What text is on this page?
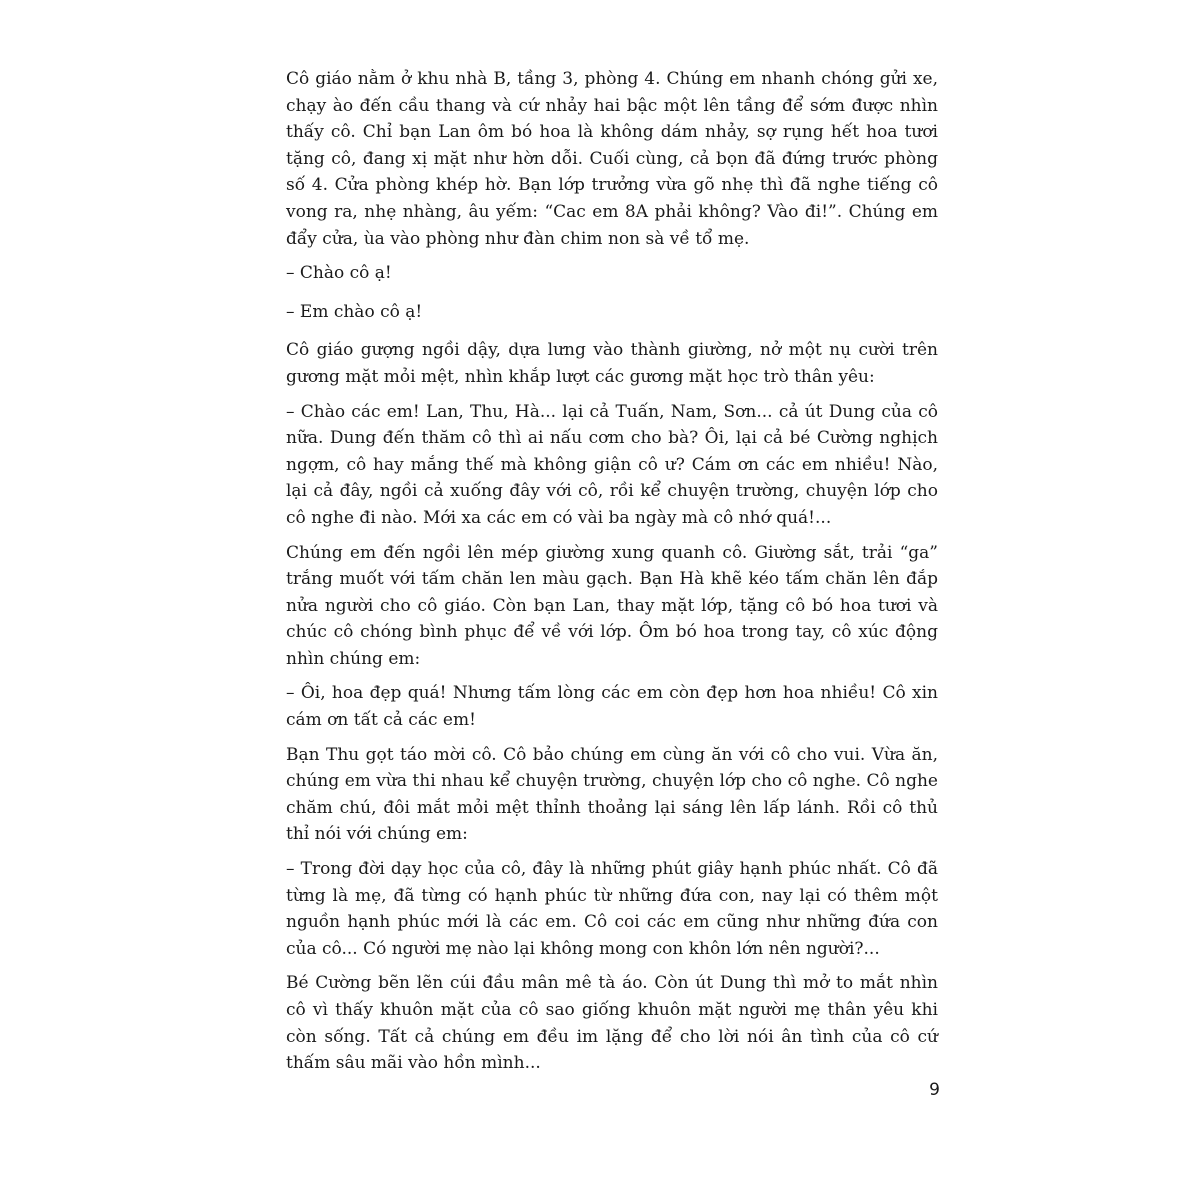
Cô giáo nằm ở khu nhà B, tầng 3, phòng 4. Chúng em nhanh chóng gửi xe, chạy ào đến cầu thang và cứ nhảy hai bậc một lên tầng để sớm được nhìn thấy cô. Chỉ bạn Lan ôm bó hoa là không dám nhảy, sợ rụng hết hoa tươi tặng cô, đang xị mặt như hờn dỗi. Cuối cùng, cả bọn đã đứng trước phòng số 4. Cửa phòng khép hờ. Bạn lớp trưởng vừa gõ nhẹ thì đã nghe tiếng cô vong ra, nhẹ nhàng, âu yếm: “Cac em 8A phải không? Vào đi!”. Chúng em đẩy cửa, ùa vào phòng như đàn chim non sà về tổ mẹ.

– Chào cô ạ!

– Em chào cô ạ!

Cô giáo gượng ngồi dậy, dựa lưng vào thành giường, nở một nụ cười trên gương mặt mỏi mệt, nhìn khắp lượt các gương mặt học trò thân yêu:

– Chào các em! Lan, Thu, Hà... lại cả Tuấn, Nam, Sơn... cả út Dung của cô nữa. Dung đến thăm cô thì ai nấu cơm cho bà? Ôi, lại cả bé Cường nghịch ngợm, cô hay mắng thế mà không giận cô ư? Cám ơn các em nhiều! Nào, lại cả đây, ngồi cả xuống đây với cô, rồi kể chuyện trường, chuyện lớp cho cô nghe đi nào. Mới xa các em có vài ba ngày mà cô nhớ quá!...

Chúng em đến ngồi lên mép giường xung quanh cô. Giường sắt, trải “ga” trắng muốt với tấm chăn len màu gạch. Bạn Hà khẽ kéo tấm chăn lên đắp nửa người cho cô giáo. Còn bạn Lan, thay mặt lớp, tặng cô bó hoa tươi và chúc cô chóng bình phục để về với lớp. Ôm bó hoa trong tay, cô xúc động nhìn chúng em:

– Ôi, hoa đẹp quá! Nhưng tấm lòng các em còn đẹp hơn hoa nhiều! Cô xin cám ơn tất cả các em!

Bạn Thu gọt táo mời cô. Cô bảo chúng em cùng ăn với cô cho vui. Vừa ăn, chúng em vừa thi nhau kể chuyện trường, chuyện lớp cho cô nghe. Cô nghe chăm chú, đôi mắt mỏi mệt thỉnh thoảng lại sáng lên lấp lánh. Rồi cô thủ thỉ nói với chúng em:

– Trong đời dạy học của cô, đây là những phút giây hạnh phúc nhất. Cô đã từng là mẹ, đã từng có hạnh phúc từ những đứa con, nay lại có thêm một nguồn hạnh phúc mới là các em. Cô coi các em cũng như những đứa con của cô... Có người mẹ nào lại không mong con khôn lớn nên người?...

Bé Cường bẽn lẽn cúi đầu mân mê tà áo. Còn út Dung thì mở to mắt nhìn cô vì thấy khuôn mặt của cô sao giống khuôn mặt người mẹ thân yêu khi còn sống. Tất cả chúng em đều im lặng để cho lời nói ân tình của cô cứ thấm sâu mãi vào hồn mình...

9
